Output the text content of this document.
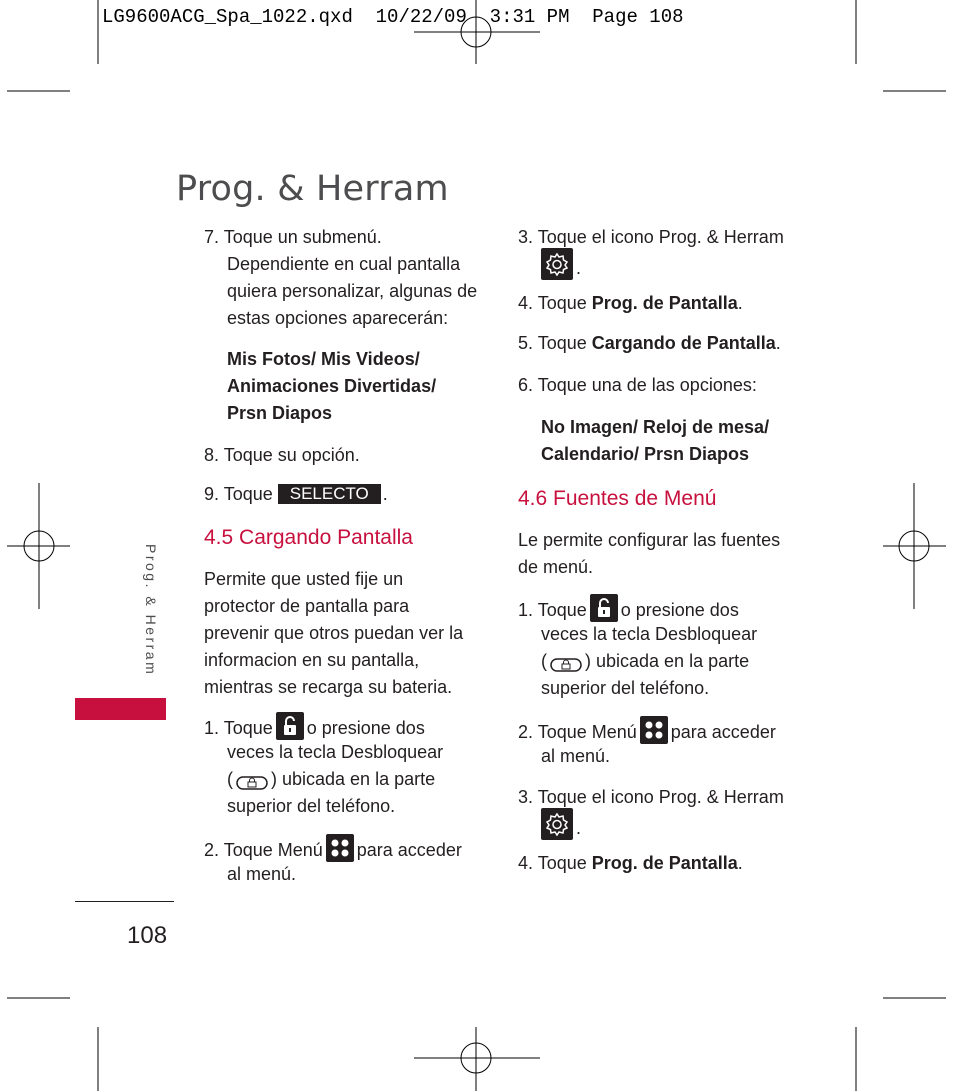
LG9600ACG_Spa_1022.qxd  10/22/09  3:31 PM  Page 108
Prog. & Herram
Prog. & Herram
108
7. Toque un submenú.
Dependiente en cual pantalla
quiera personalizar, algunas de
estas opciones aparecerán:
Mis Fotos/ Mis Videos/
Animaciones Divertidas/
Prsn Diapos
8. Toque su opción.
9. Toque SELECTO .
4.5 Cargando Pantalla
Permite que usted fije un
protector de pantalla para
prevenir que otros puedan ver la
informacion en su pantalla,
mientras se recarga su bateria.
1. Toque o presione dos
veces la tecla Desbloquear
( ) ubicada en la parte
superior del teléfono.
2. Toque Menú para acceder
al menú.
3. Toque el icono Prog. & Herram
.
4. Toque Prog. de Pantalla.
5. Toque Cargando de Pantalla.
6. Toque una de las opciones:
No Imagen/ Reloj de mesa/
Calendario/ Prsn Diapos
4.6 Fuentes de Menú
Le permite configurar las fuentes
de menú.
1. Toque o presione dos
veces la tecla Desbloquear
( ) ubicada en la parte
superior del teléfono.
2. Toque Menú para acceder
al menú.
3. Toque el icono Prog. & Herram
.
4. Toque Prog. de Pantalla.
